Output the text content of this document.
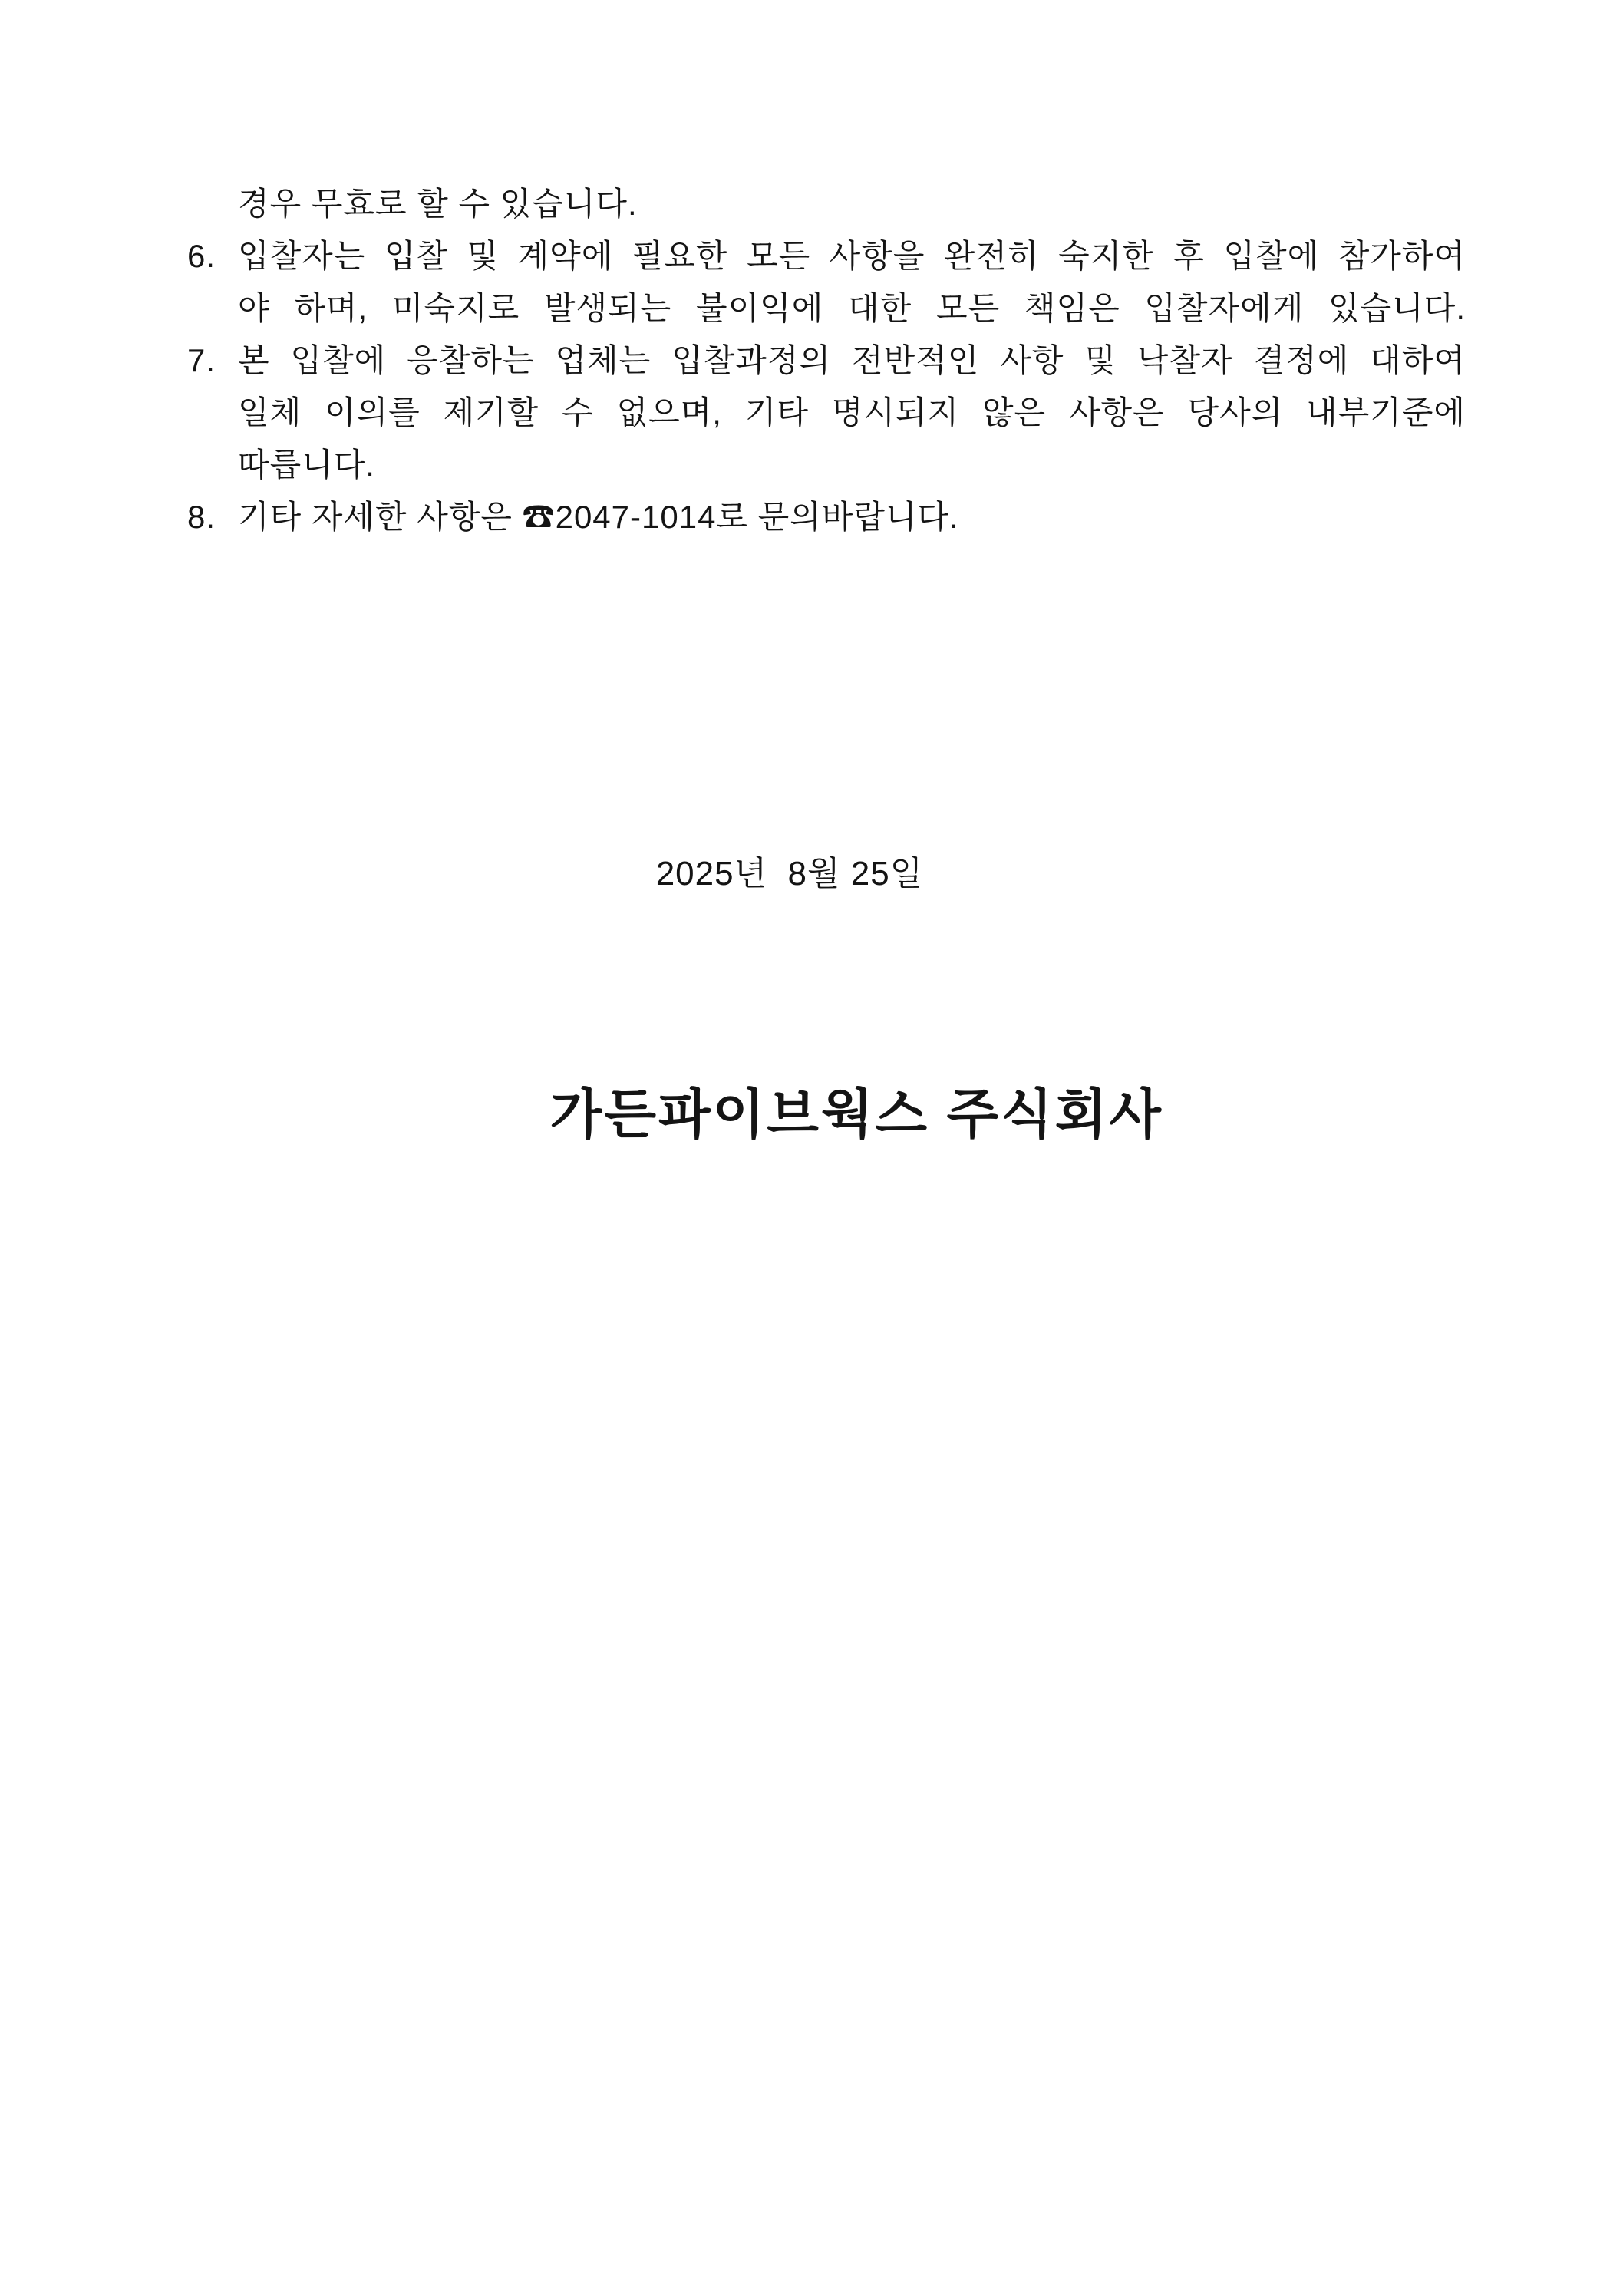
경우 무효로 할 수 있습니다.
6. 입찰자는 입찰 및 계약에 필요한 모든 사항을 완전히 숙지한 후 입찰에 참가하여
야 하며, 미숙지로 발생되는 불이익에 대한 모든 책임은 입찰자에게 있습니다.
7. 본 입찰에 응찰하는 업체는 입찰과정의 전반적인 사항 및 낙찰자 결정에 대하여
일체 이의를 제기할 수 없으며, 기타 명시되지 않은 사항은 당사의 내부기준에
따릅니다.
8. 기타 자세한 사항은 ☎2047-1014로 문의바랍니다.

2025년  8월 25일

가든파이브웍스 주식회사
